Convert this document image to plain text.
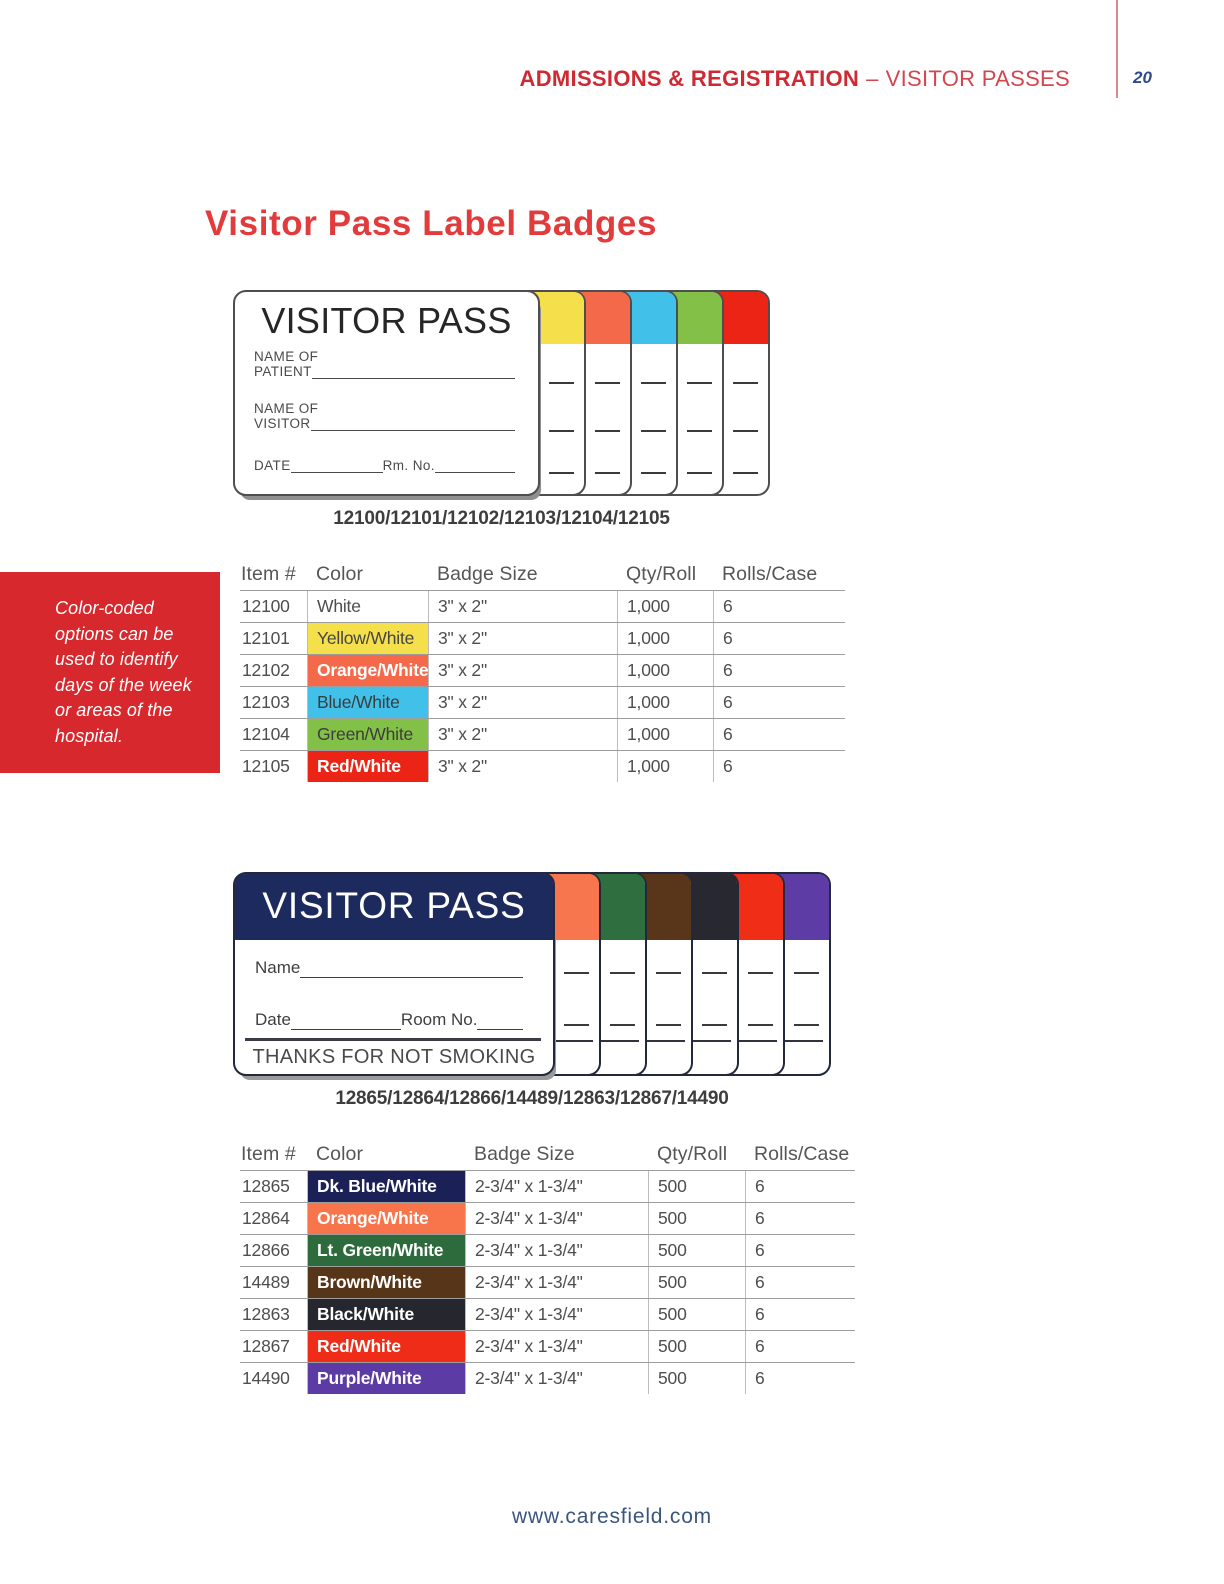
ADMISSIONS & REGISTRATION – VISITOR PASSES	20
Visitor Pass Label Badges
VISITOR PASS
NAME OF
PATIENT
NAME OF
VISITOR
DATE	Rm. No.
12100/12101/12102/12103/12104/12105

Color-coded options can be used to identify days of the week or areas of the hospital.

Item #	Color	Badge Size	Qty/Roll	Rolls/Case
12100	White	3" x 2"	1,000	6
12101	Yellow/White	3" x 2"	1,000	6
12102	Orange/White 3" x 2"	1,000	6
12103	Blue/White	3" x 2"	1,000	6
12104	Green/White	3" x 2"	1,000	6
12105	Red/White	3" x 2"	1,000	6
VISITOR PASS
Name
Date	Room No.
THANKS FOR NOT SMOKING
12865/12864/12866/14489/12863/12867/14490
Item #	Color	Badge Size	Qty/Roll	Rolls/Case
12865	Dk. Blue/White	2-3/4" x 1-3/4"	500	6
12864	Orange/White	2-3/4" x 1-3/4"	500	6
12866	Lt. Green/White	2-3/4" x 1-3/4"	500	6
14489	Brown/White	2-3/4" x 1-3/4"	500	6
12863	Black/White	2-3/4" x 1-3/4"	500	6
12867	Red/White	2-3/4" x 1-3/4"	500	6
14490	Purple/White	2-3/4" x 1-3/4"	500	6
www.caresfield.com
